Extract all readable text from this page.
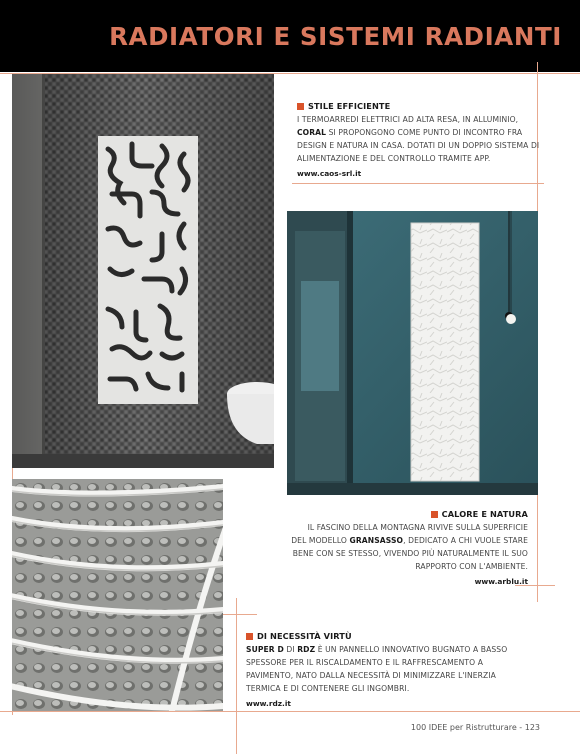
RADIATORI E SISTEMI RADIANTI
STILE EFFICIENTE

I TERMOARREDI ELETTRICI AD ALTA RESA, IN ALLUMINIO,
CORAL SI PROPONGONO COME PUNTO DI INCONTRO FRA
DESIGN E NATURA IN CASA. DOTATI DI UN DOPPIO SISTEMA DI
ALIMENTAZIONE E DEL CONTROLLO TRAMITE APP.

www.caos-srl.it
CALORE E NATURA

IL FASCINO DELLA MONTAGNA RIVIVE SULLA SUPERFICIE
DEL MODELLO GRANSASSO, DEDICATO A CHI VUOLE STARE
BENE CON SE STESSO, VIVENDO PIÙ NATURALMENTE IL SUO
RAPPORTO CON L'AMBIENTE.

www.arblu.it
DI NECESSITÀ VIRTÙ

SUPER D DI RDZ È UN PANNELLO INNOVATIVO BUGNATO A BASSO
SPESSORE PER IL RISCALDAMENTO E IL RAFFRESCAMENTO A
PAVIMENTO, NATO DALLA NECESSITÀ DI MINIMIZZARE L'INERZIA
TERMICA E DI CONTENERE GLI INGOMBRI.

www.rdz.it
100 IDEE per Ristrutturare - 123
